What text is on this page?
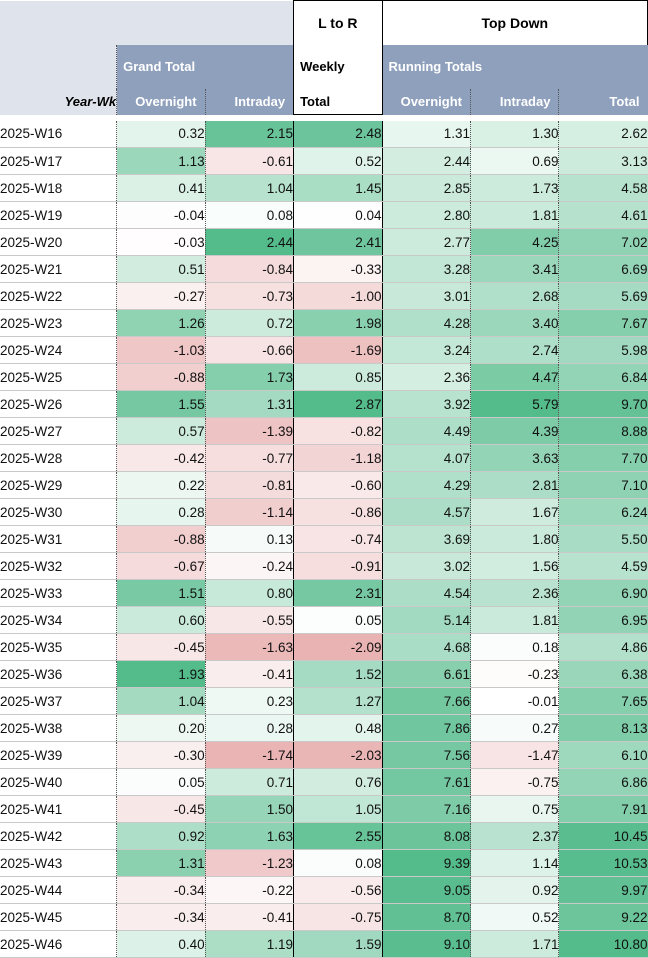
			L to R	Top Down		
	Grand Total		Weekly	Running Totals		
Year-Wk	Overnight	Intraday	Total	Overnight	Intraday	Total

2025-W16	0.32	2.15	2.48	1.31	1.30	2.62
2025-W17	1.13	-0.61	0.52	2.44	0.69	3.13
2025-W18	0.41	1.04	1.45	2.85	1.73	4.58
2025-W19	-0.04	0.08	0.04	2.80	1.81	4.61
2025-W20	-0.03	2.44	2.41	2.77	4.25	7.02
2025-W21	0.51	-0.84	-0.33	3.28	3.41	6.69
2025-W22	-0.27	-0.73	-1.00	3.01	2.68	5.69
2025-W23	1.26	0.72	1.98	4.28	3.40	7.67
2025-W24	-1.03	-0.66	-1.69	3.24	2.74	5.98
2025-W25	-0.88	1.73	0.85	2.36	4.47	6.84
2025-W26	1.55	1.31	2.87	3.92	5.79	9.70
2025-W27	0.57	-1.39	-0.82	4.49	4.39	8.88
2025-W28	-0.42	-0.77	-1.18	4.07	3.63	7.70
2025-W29	0.22	-0.81	-0.60	4.29	2.81	7.10
2025-W30	0.28	-1.14	-0.86	4.57	1.67	6.24
2025-W31	-0.88	0.13	-0.74	3.69	1.80	5.50
2025-W32	-0.67	-0.24	-0.91	3.02	1.56	4.59
2025-W33	1.51	0.80	2.31	4.54	2.36	6.90
2025-W34	0.60	-0.55	0.05	5.14	1.81	6.95
2025-W35	-0.45	-1.63	-2.09	4.68	0.18	4.86
2025-W36	1.93	-0.41	1.52	6.61	-0.23	6.38
2025-W37	1.04	0.23	1.27	7.66	-0.01	7.65
2025-W38	0.20	0.28	0.48	7.86	0.27	8.13
2025-W39	-0.30	-1.74	-2.03	7.56	-1.47	6.10
2025-W40	0.05	0.71	0.76	7.61	-0.75	6.86
2025-W41	-0.45	1.50	1.05	7.16	0.75	7.91
2025-W42	0.92	1.63	2.55	8.08	2.37	10.45
2025-W43	1.31	-1.23	0.08	9.39	1.14	10.53
2025-W44	-0.34	-0.22	-0.56	9.05	0.92	9.97
2025-W45	-0.34	-0.41	-0.75	8.70	0.52	9.22
2025-W46	0.40	1.19	1.59	9.10	1.71	10.80
